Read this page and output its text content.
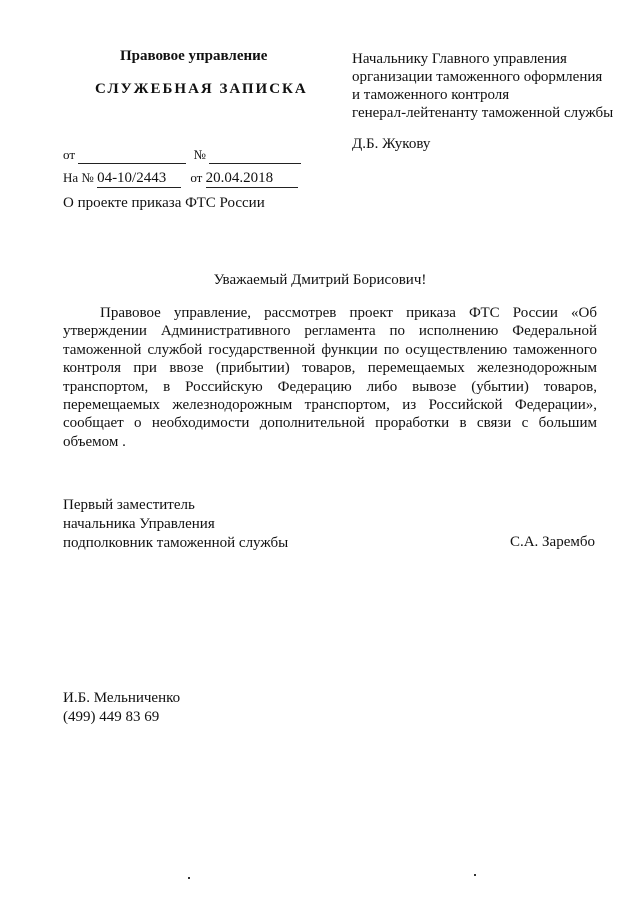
Правовое управление
СЛУЖЕБНАЯ ЗАПИСКА
Начальнику Главного управления
организации таможенного оформления
и таможенного контроля
генерал-лейтенанту таможенной службы
Д.Б. Жукову
от	№
На № 04-10/2443 от 20.04.2018
О проекте приказа ФТС России
Уважаемый Дмитрий Борисович!

Правовое управление, рассмотрев проект приказа ФТС России «Об утверждении Административного регламента по исполнению Федеральной таможенной службой государственной функции по осуществлению таможенного контроля при ввозе (прибытии) товаров, перемещаемых железнодорожным транспортом, в Российскую Федерацию либо вывозе (убытии) товаров, перемещаемых железнодорожным транспортом, из Российской Федерации», сообщает о необходимости дополнительной проработки в связи с большим объемом .

Первый заместитель
начальника Управления
подполковник таможенной службы	С.А. Зарембо
И.Б. Мельниченко
(499) 449 83 69
